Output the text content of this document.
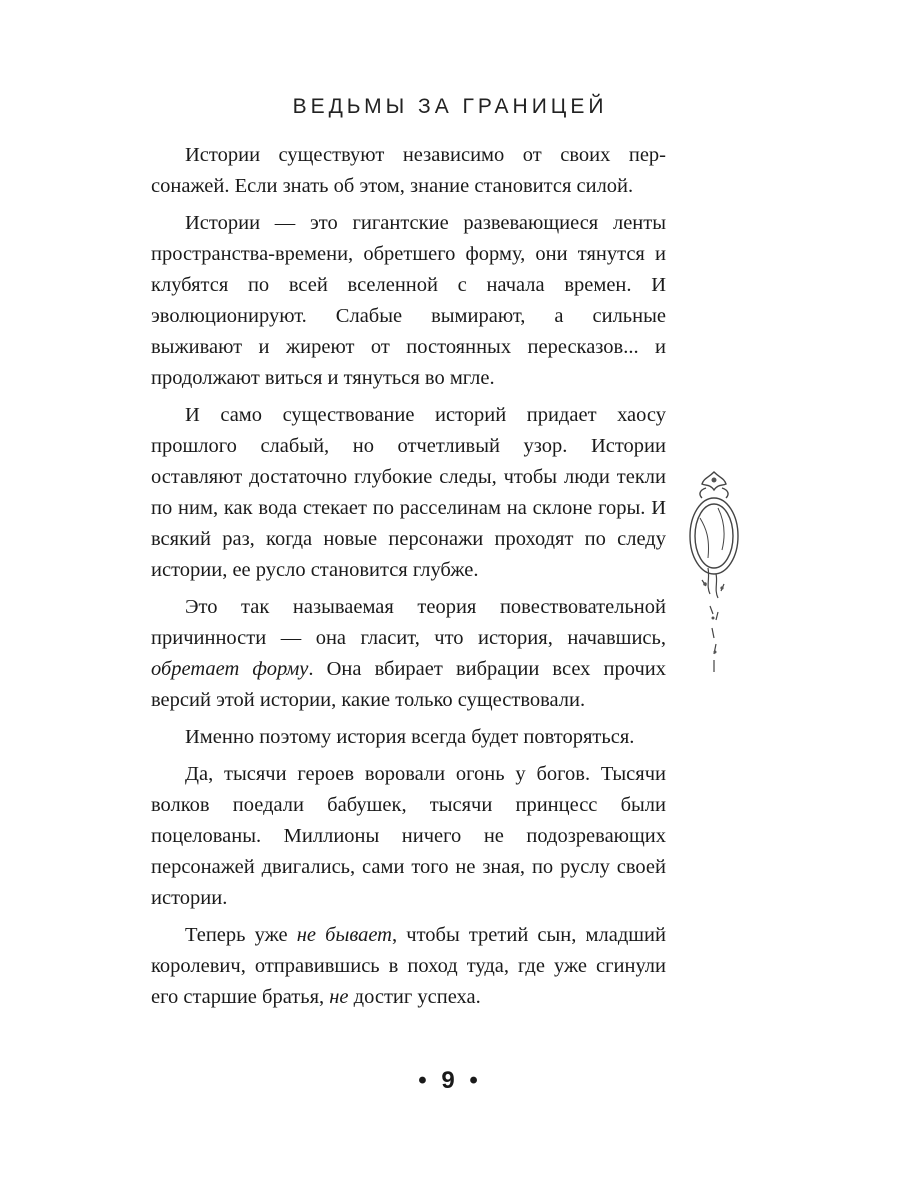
ВЕДЬМЫ ЗА ГРАНИЦЕЙ

Истории существуют независимо от своих персонажей. Если знать об этом, знание становится силой.

Истории — это гигантские развевающиеся ленты пространства-времени, обретшего форму, они тянутся и клубятся по всей вселенной с начала времен. И эволюционируют. Слабые вымирают, а сильные выживают и жиреют от постоянных пересказов... и продолжают виться и тянуться во мгле.

И само существование историй придает хаосу прошлого слабый, но отчетливый узор. Истории оставляют достаточно глубокие следы, чтобы люди текли по ним, как вода стекает по расселинам на склоне горы. И всякий раз, когда новые персонажи проходят по следу истории, ее русло становится глубже.

Это так называемая теория повествовательной причинности — она гласит, что история, начавшись, обретает форму. Она вбирает вибрации всех прочих версий этой истории, какие только существовали.

Именно поэтому история всегда будет повторяться.

Да, тысячи героев воровали огонь у богов. Тысячи волков поедали бабушек, тысячи принцесс были поцелованы. Миллионы ничего не подозревающих персонажей двигались, сами того не зная, по руслу своей истории.

Теперь уже не бывает, чтобы третий сын, младший королевич, отправившись в поход туда, где уже сгинули его старшие братья, не достиг успеха.

• 9 •
